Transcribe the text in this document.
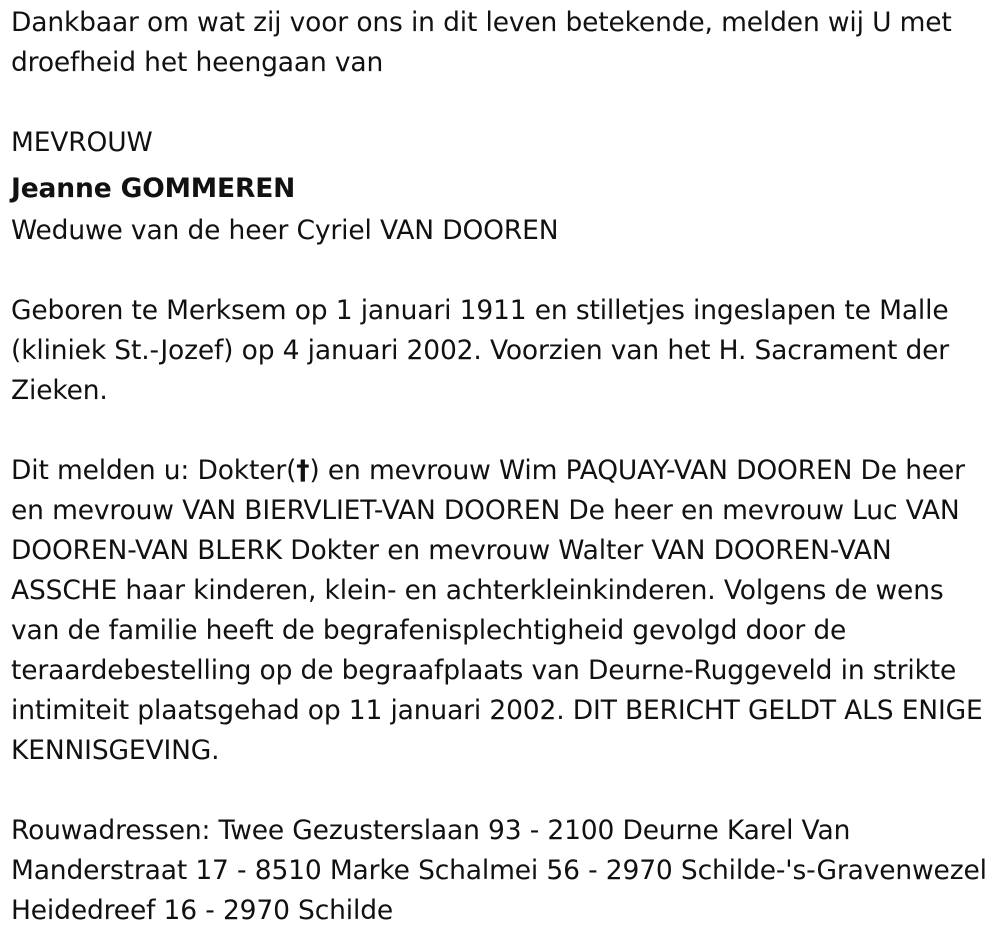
Dankbaar om wat zij voor ons in dit leven betekende, melden wij U met droefheid het heengaan van

MEVROUW

Jeanne GOMMEREN

Weduwe van de heer Cyriel VAN DOOREN

Geboren te Merksem op 1 januari 1911 en stilletjes ingeslapen te Malle (kliniek St.-Jozef) op 4 januari 2002. Voorzien van het H. Sacrament der Zieken.

Dit melden u: Dokter(†) en mevrouw Wim PAQUAY-VAN DOOREN De heer en mevrouw VAN BIERVLIET-VAN DOOREN De heer en mevrouw Luc VAN DOOREN-VAN BLERK Dokter en mevrouw Walter VAN DOOREN-VAN ASSCHE haar kinderen, klein- en achterkleinkinderen. Volgens de wens van de familie heeft de begrafenisplechtigheid gevolgd door de teraardebestelling op de begraafplaats van Deurne-Ruggeveld in strikte intimiteit plaatsgehad op 11 januari 2002. DIT BERICHT GELDT ALS ENIGE KENNISGEVING.

Rouwadressen: Twee Gezusterslaan 93 - 2100 Deurne Karel Van Manderstraat 17 - 8510 Marke Schalmei 56 - 2970 Schilde-'s-Gravenwezel Heidedreef 16 - 2970 Schilde
